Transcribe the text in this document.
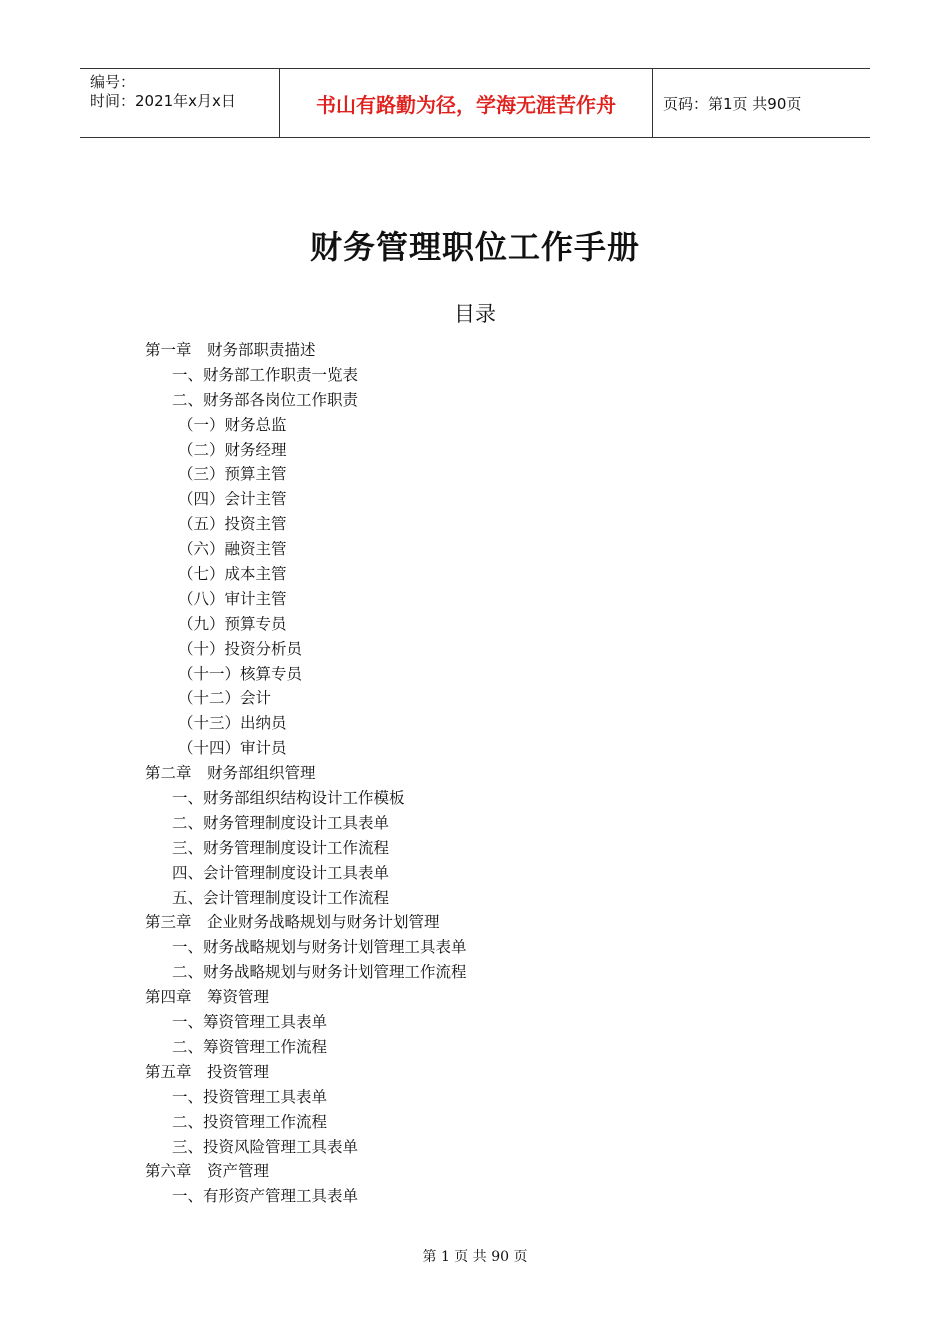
编号：
时间：2021年x月x日	书山有路勤为径，学海无涯苦作舟	页码：第1页 共90页
财务管理职位工作手册
目录
第一章　财务部职责描述
一、财务部工作职责一览表
二、财务部各岗位工作职责
（一）财务总监
（二）财务经理
（三）预算主管
（四）会计主管
（五）投资主管
（六）融资主管
（七）成本主管
（八）审计主管
（九）预算专员
（十）投资分析员
（十一）核算专员
（十二）会计
（十三）出纳员
（十四）审计员
第二章　财务部组织管理
一、财务部组织结构设计工作模板
二、财务管理制度设计工具表单
三、财务管理制度设计工作流程
四、会计管理制度设计工具表单
五、会计管理制度设计工作流程
第三章　企业财务战略规划与财务计划管理
一、财务战略规划与财务计划管理工具表单
二、财务战略规划与财务计划管理工作流程
第四章　筹资管理
一、筹资管理工具表单
二、筹资管理工作流程
第五章　投资管理
一、投资管理工具表单
二、投资管理工作流程
三、投资风险管理工具表单
第六章　资产管理
一、有形资产管理工具表单
第 1 页 共 90 页
